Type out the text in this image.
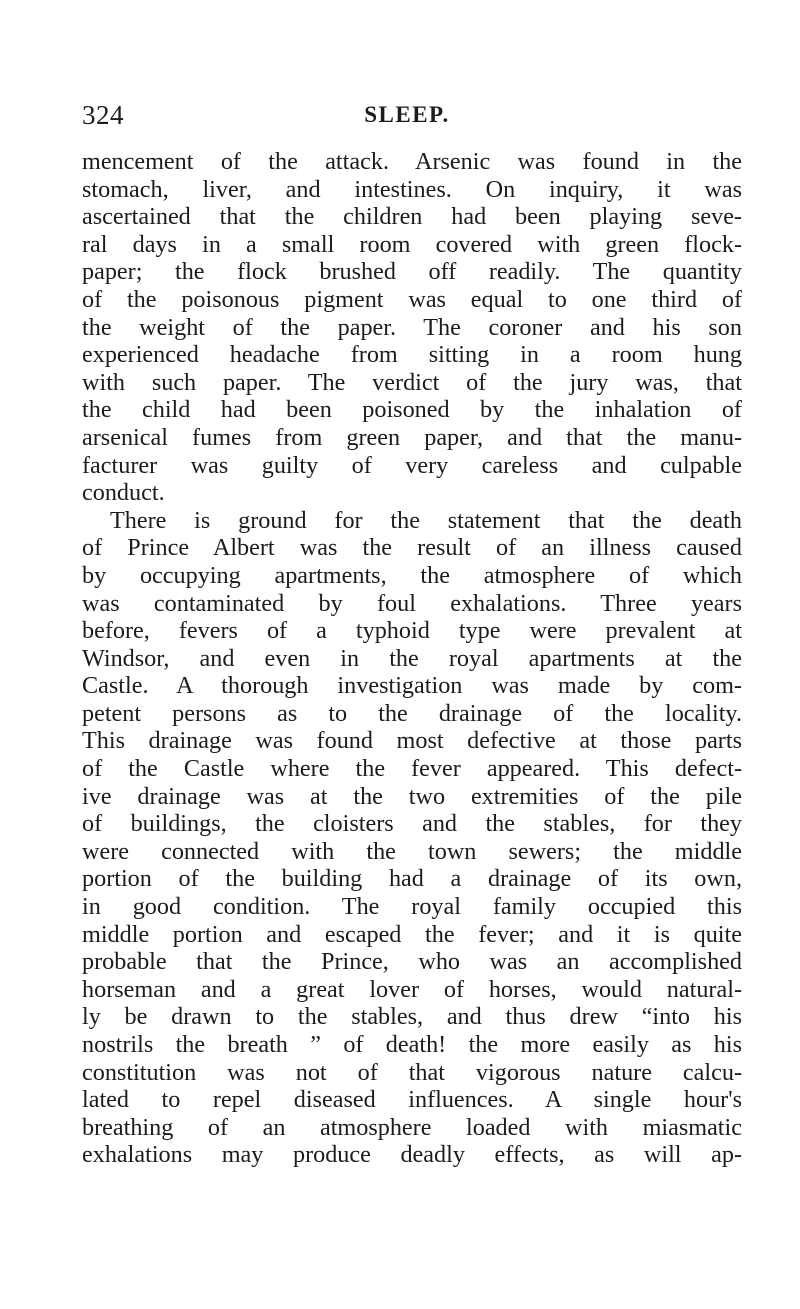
324	SLEEP.
mencement of the attack. Arsenic was found in the
stomach, liver, and intestines. On inquiry, it was
ascertained that the children had been playing seve-
ral days in a small room covered with green flock-
paper; the flock brushed off readily. The quantity
of the poisonous pigment was equal to one third of
the weight of the paper. The coroner and his son
experienced headache from sitting in a room hung
with such paper. The verdict of the jury was, that
the child had been poisoned by the inhalation of
arsenical fumes from green paper, and that the manu-
facturer was guilty of very careless and culpable
conduct.
There is ground for the statement that the death
of Prince Albert was the result of an illness caused
by occupying apartments, the atmosphere of which
was contaminated by foul exhalations. Three years
before, fevers of a typhoid type were prevalent at
Windsor, and even in the royal apartments at the
Castle. A thorough investigation was made by com-
petent persons as to the drainage of the locality.
This drainage was found most defective at those parts
of the Castle where the fever appeared. This defect-
ive drainage was at the two extremities of the pile
of buildings, the cloisters and the stables, for they
were connected with the town sewers; the middle
portion of the building had a drainage of its own,
in good condition. The royal family occupied this
middle portion and escaped the fever; and it is quite
probable that the Prince, who was an accomplished
horseman and a great lover of horses, would natural-
ly be drawn to the stables, and thus drew “into his
nostrils the breath ” of death! the more easily as his
constitution was not of that vigorous nature calcu-
lated to repel diseased influences. A single hour's
breathing of an atmosphere loaded with miasmatic
exhalations may produce deadly effects, as will ap-
